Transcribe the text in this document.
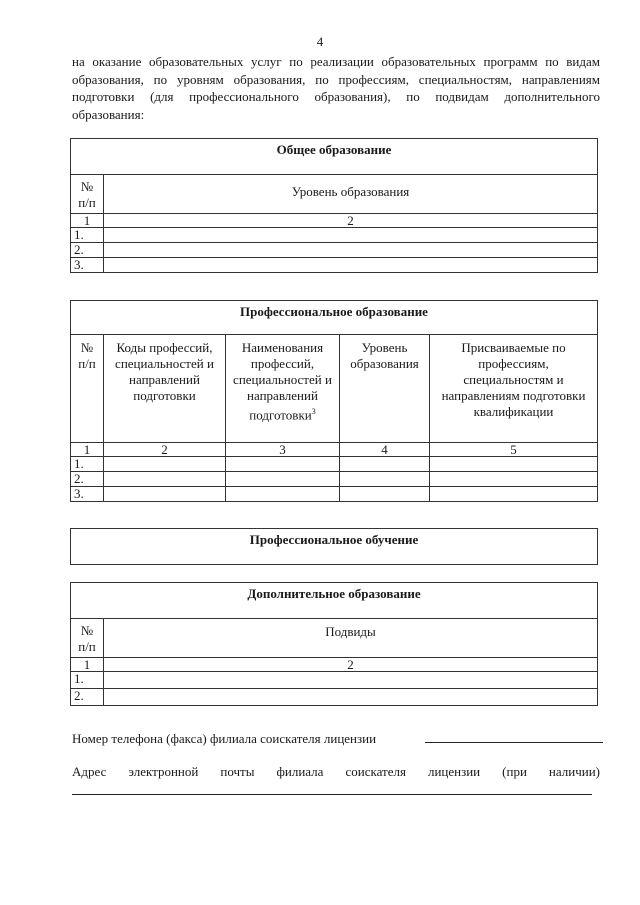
4
на оказание образовательных услуг по реализации образовательных программ по видам образования, по уровням образования, по профессиям, специальностям, направлениям подготовки (для профессионального образования), по подвидам дополнительного образования:
Общее образование	
№ п/п	Уровень образования
1	2
1.	
2.	
3.	
Профессиональное образование				
№ п/п	Коды профессий, специальностей и направлений подготовки	Наименования профессий, специальностей и направлений подготовки$^3$	Уровень образования	Присваиваемые по профессиям, специальностям и направлениям подготовки квалификации
1	2	3	4	5
1.				
2.				
3.				
Профессиональное обучение
Дополнительное образование	
№ п/п	Подвиды
1	2
1.	
2.	
Номер телефона (факса) филиала соискателя лицензии
Адрес электронной почты филиала соискателя лицензии (при наличии)
